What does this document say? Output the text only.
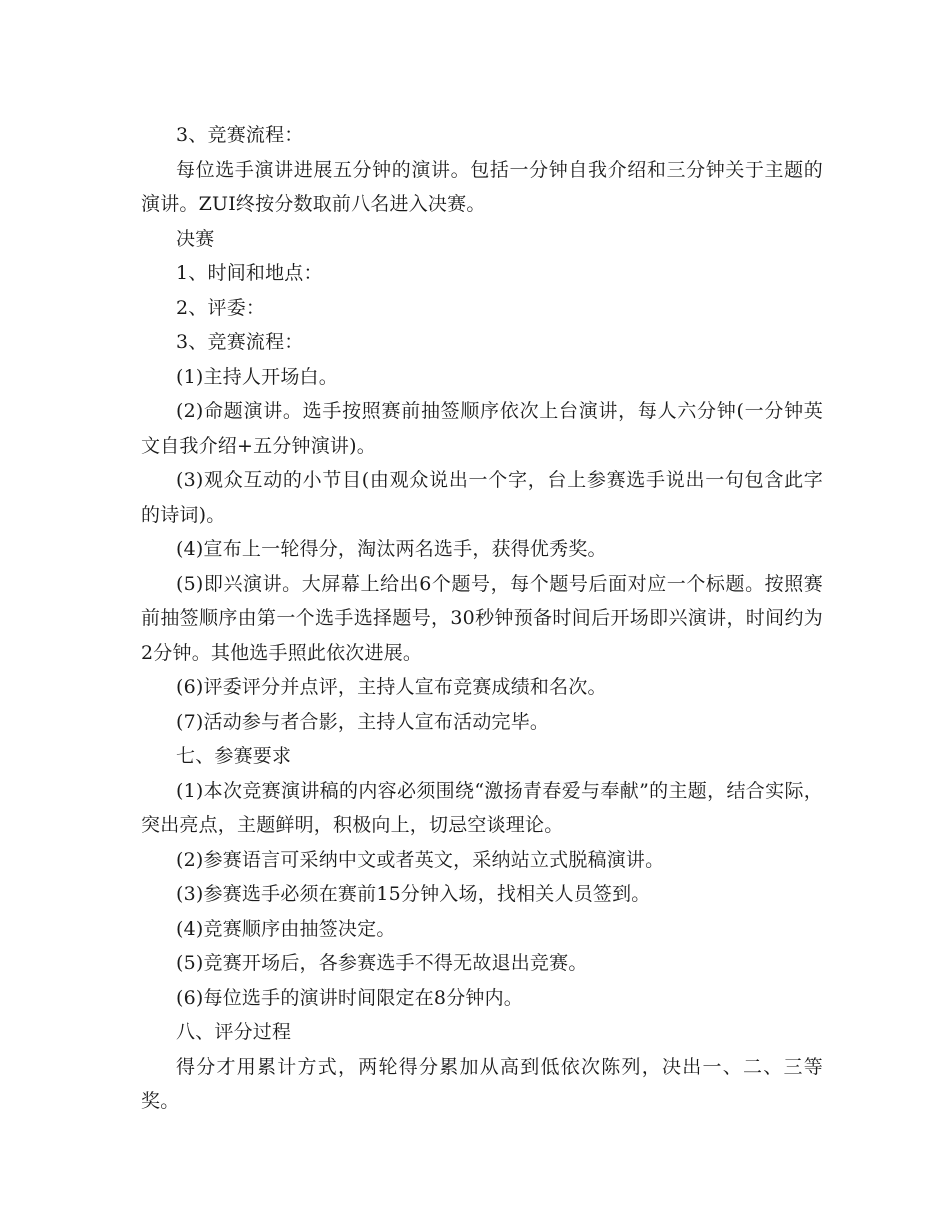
3、竞赛流程：

每位选手演讲进展五分钟的演讲。包括一分钟自我介绍和三分钟关于主题的演讲。ZUI终按分数取前八名进入决赛。

决赛

1、时间和地点：

2、评委：

3、竞赛流程：

(1)主持人开场白。

(2)命题演讲。选手按照赛前抽签顺序依次上台演讲，每人六分钟(一分钟英文自我介绍+五分钟演讲)。

(3)观众互动的小节目(由观众说出一个字，台上参赛选手说出一句包含此字的诗词)。

(4)宣布上一轮得分，淘汰两名选手，获得优秀奖。

(5)即兴演讲。大屏幕上给出6个题号，每个题号后面对应一个标题。按照赛前抽签顺序由第一个选手选择题号，30秒钟预备时间后开场即兴演讲，时间约为2分钟。其他选手照此依次进展。

(6)评委评分并点评，主持人宣布竞赛成绩和名次。

(7)活动参与者合影，主持人宣布活动完毕。

七、参赛要求

(1)本次竞赛演讲稿的内容必须围绕“激扬青春爱与奉献”的主题，结合实际，突出亮点，主题鲜明，积极向上，切忌空谈理论。

(2)参赛语言可采纳中文或者英文，采纳站立式脱稿演讲。

(3)参赛选手必须在赛前15分钟入场，找相关人员签到。

(4)竞赛顺序由抽签决定。

(5)竞赛开场后，各参赛选手不得无故退出竞赛。

(6)每位选手的演讲时间限定在8分钟内。

八、评分过程

得分才用累计方式，两轮得分累加从高到低依次陈列，决出一、二、三等奖。
